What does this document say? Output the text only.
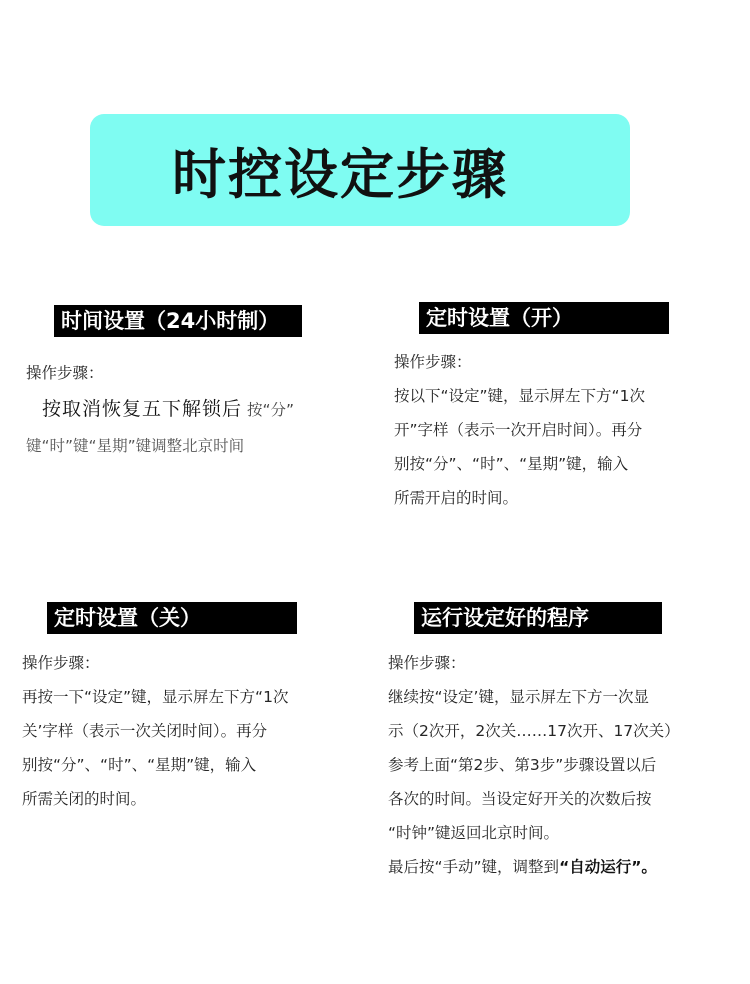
时控设定步骤
时间设置（24小时制）
操作步骤：
按取消恢复五下解锁后 按“分”
键“时”键“星期”键调整北京时间
定时设置（开）
操作步骤：
按以下“设定”键，显示屏左下方“1次
开”字样（表示一次开启时间）。再分
别按“分”、“时”、“星期”键，输入
所需开启的时间。
定时设置（关）
操作步骤：
再按一下“设定”键，显示屏左下方“1次
关’字样（表示一次关闭时间）。再分
别按“分”、“时”、“星期”键，输入
所需关闭的时间。
运行设定好的程序
操作步骤：
继续按“设定’键，显示屏左下方一次显
示（2次开，2次关……17次开、17次关）
参考上面“第2步、第3步”步骤设置以后
各次的时间。当设定好开关的次数后按
“时钟”键返回北京时间。
最后按“手动”键，调整到“自动运行”。
